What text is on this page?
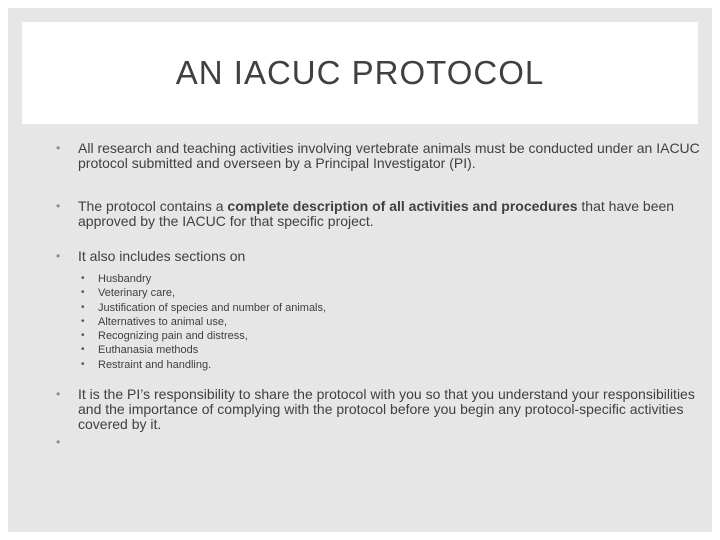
AN IACUC PROTOCOL
• All research and teaching activities involving vertebrate animals must be conducted under an IACUC protocol submitted and overseen by a Principal Investigator (PI).
• The protocol contains a complete description of all activities and procedures that have been approved by the IACUC for that specific project.
• It also includes sections on
• Husbandry
• Veterinary care,
• Justification of species and number of animals,
• Alternatives to animal use,
• Recognizing pain and distress,
• Euthanasia methods
• Restraint and handling.
• It is the PI’s responsibility to share the protocol with you so that you understand your responsibilities and the importance of complying with the protocol before you begin any protocol-specific activities covered by it.
•
